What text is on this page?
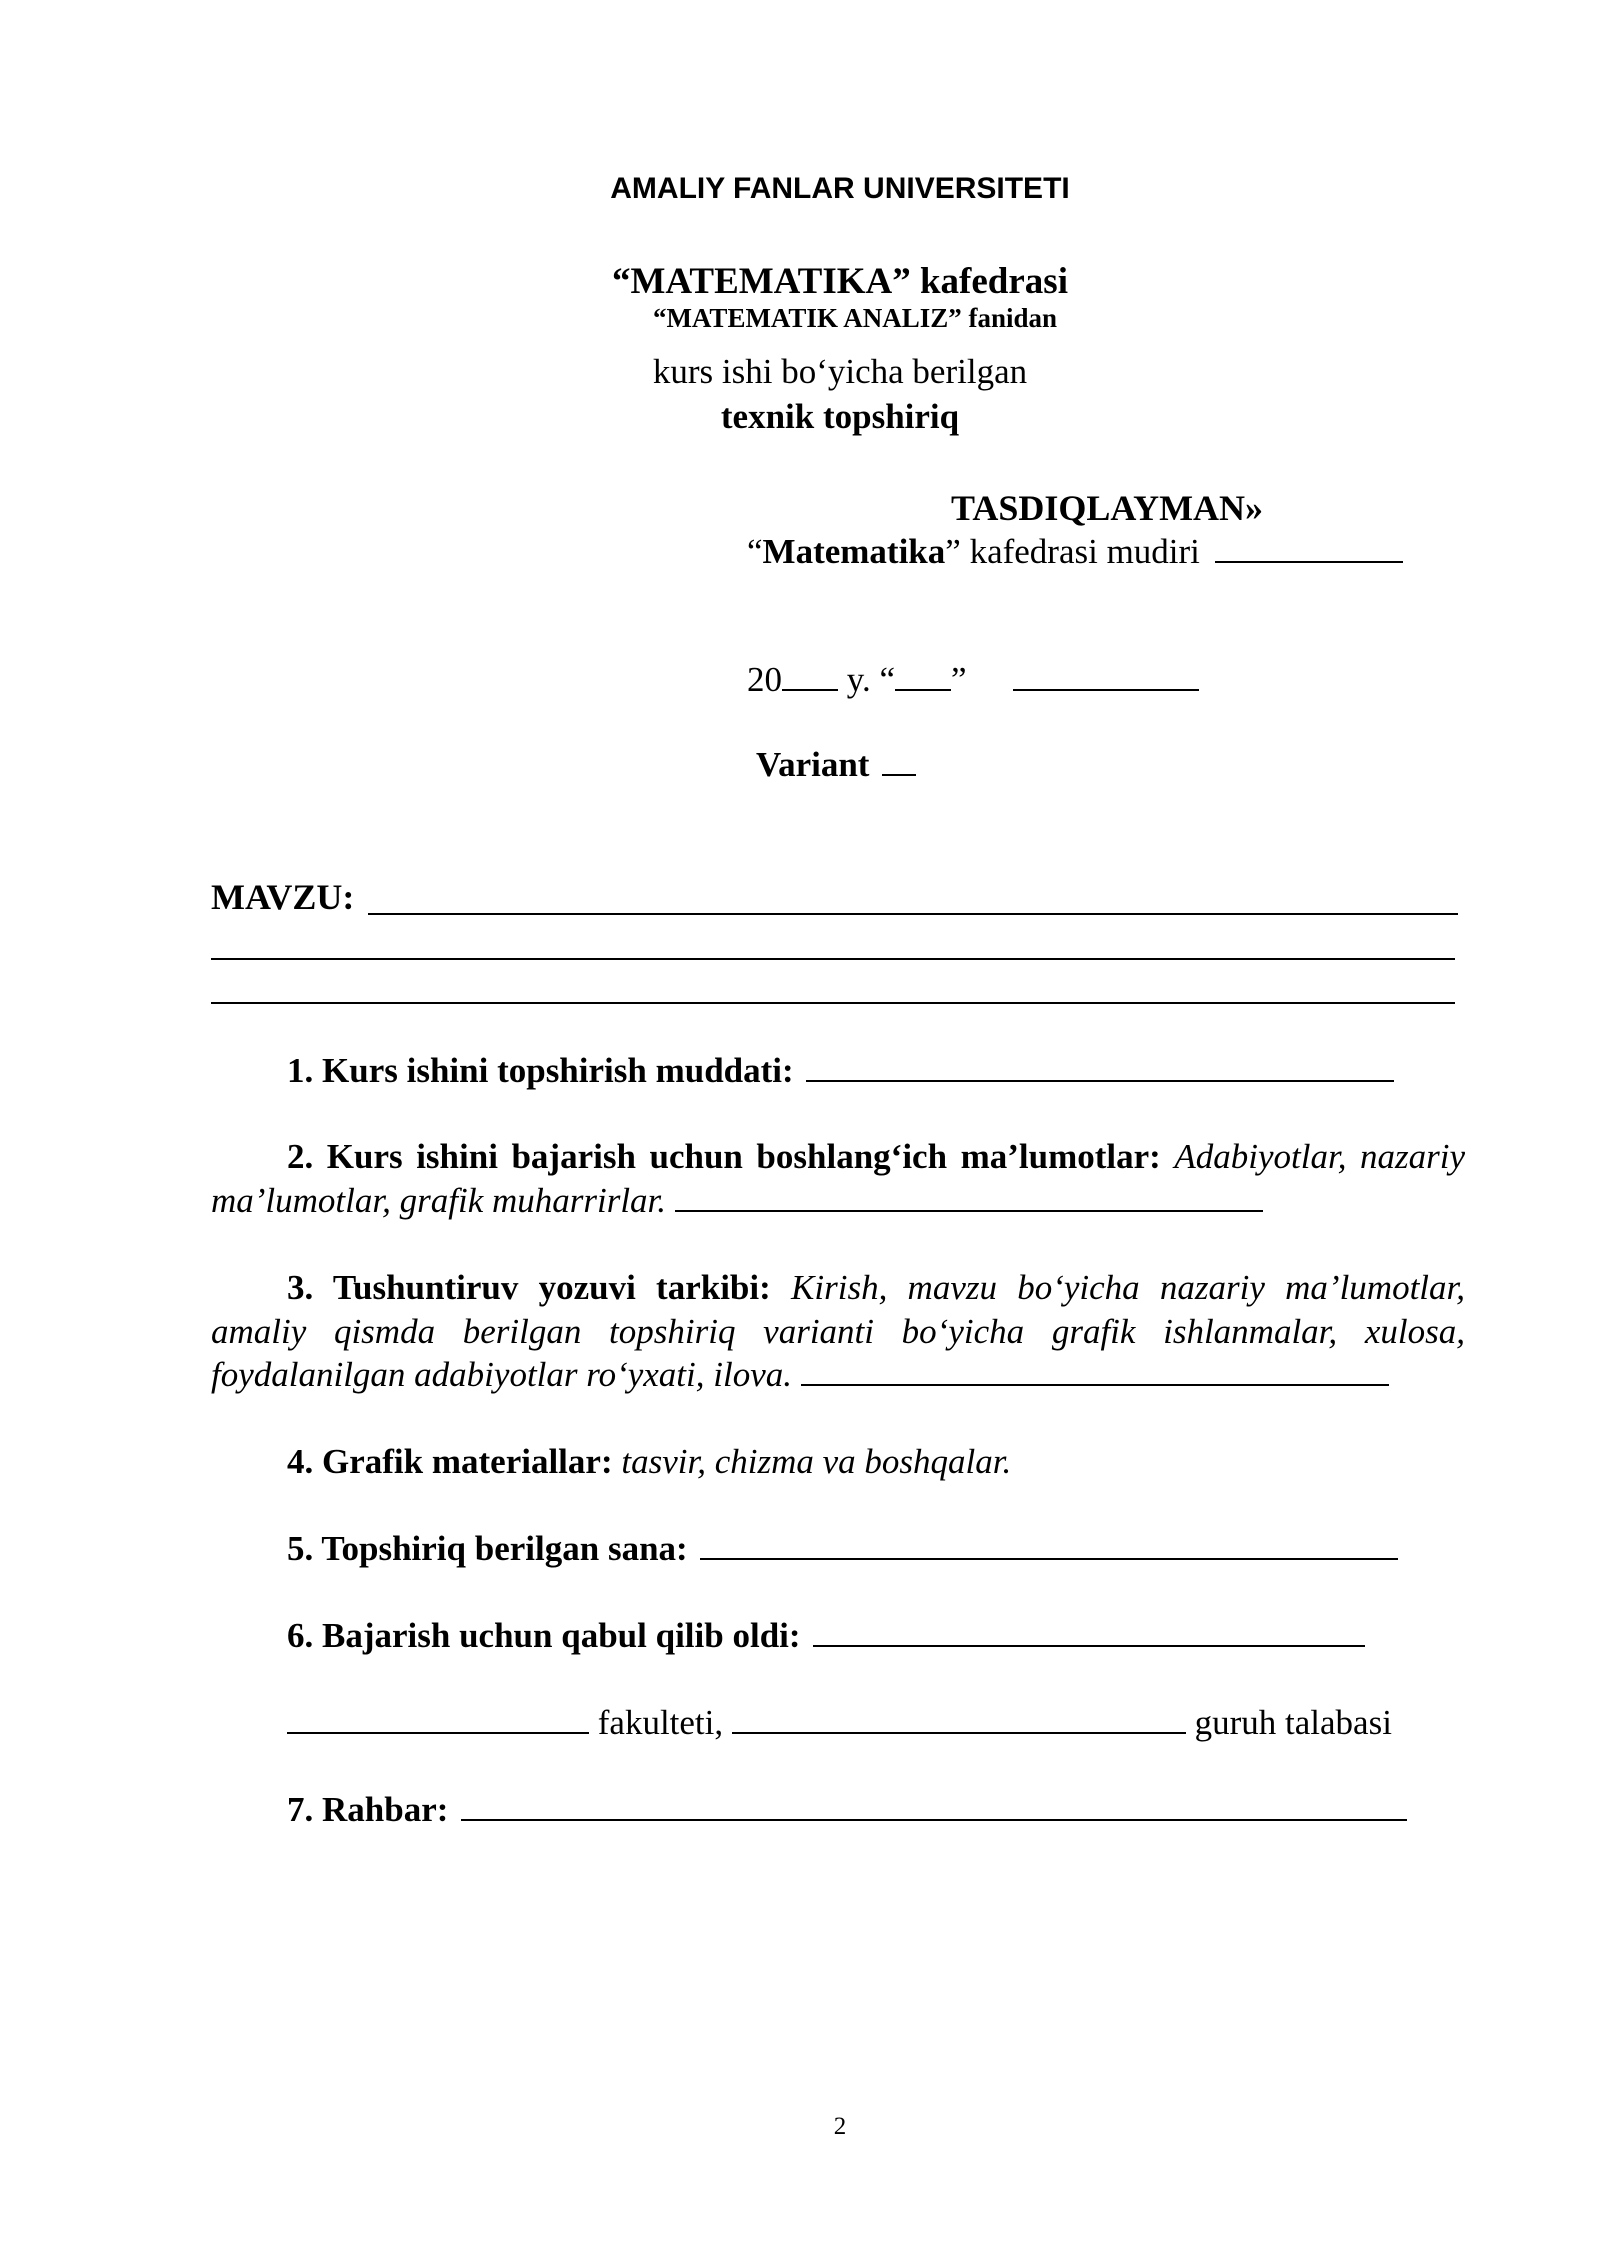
AMALIY FANLAR UNIVERSITETI
“MATEMATIKA” kafedrasi
“MATEMATIK ANALIZ” fanidan
kurs ishi bo‘yicha berilgan
texnik topshiriq
TASDIQLAYMAN»
“Matematika” kafedrasi mudiri
20 y. “ ”
Variant
MAVZU:
1. Kurs ishini topshirish muddati:
2. Kurs ishini bajarish uchun boshlang‘ich ma’lumotlar: Adabiyotlar, nazariy ma’lumotlar, grafik muharrirlar.
3. Tushuntiruv yozuvi tarkibi: Kirish, mavzu bo‘yicha nazariy ma’lumotlar, amaliy qismda berilgan topshiriq varianti bo‘yicha grafik ishlanmalar, xulosa, foydalanilgan adabiyotlar ro‘yxati, ilova.
4. Grafik materiallar: tasvir, chizma va boshqalar.
5. Topshiriq berilgan sana:
6. Bajarish uchun qabul qilib oldi:
fakulteti,	guruh talabasi
7. Rahbar:
2
